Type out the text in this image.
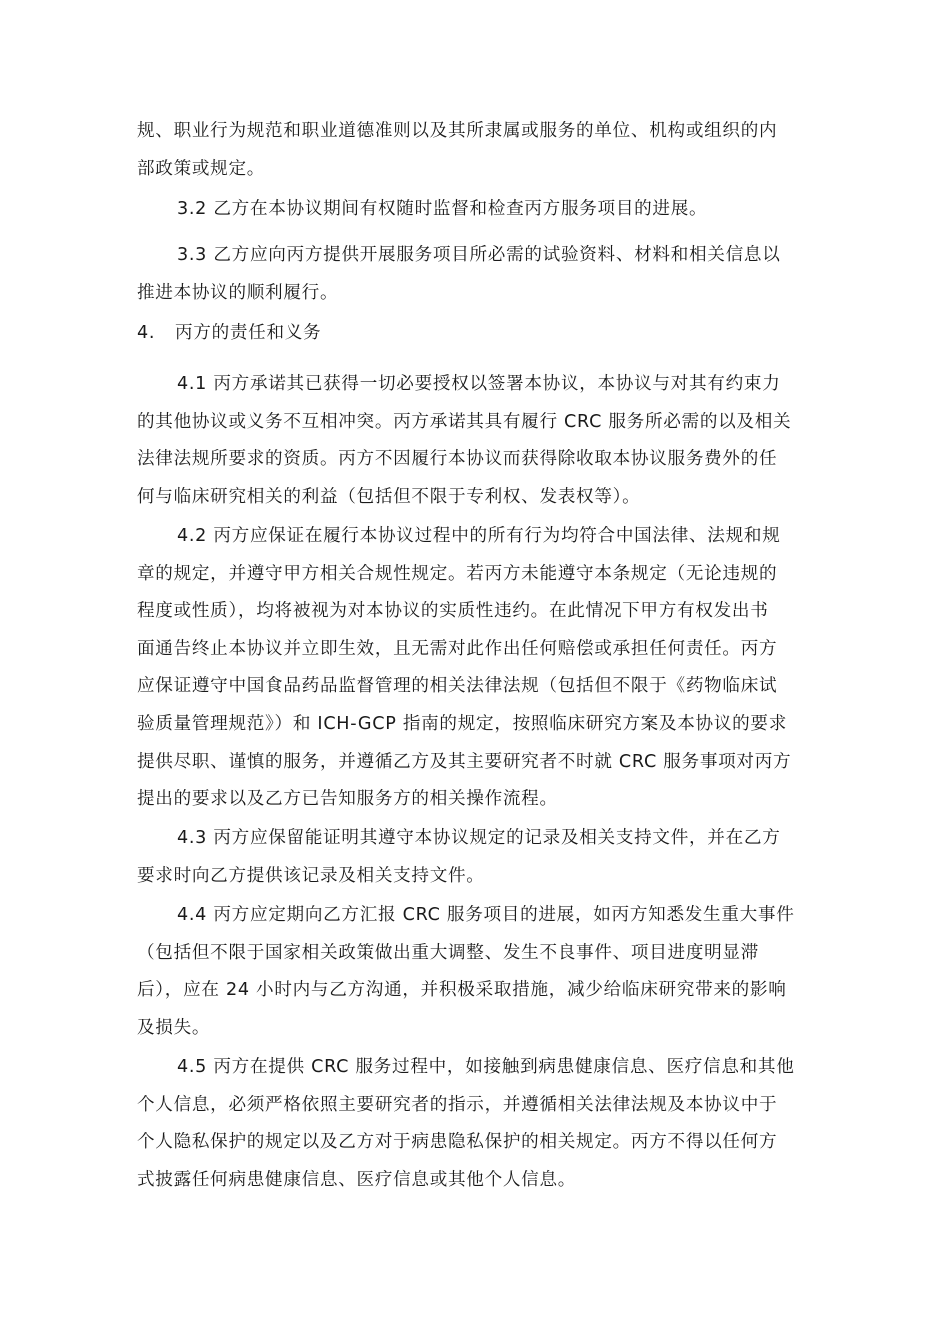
规、职业行为规范和职业道德准则以及其所隶属或服务的单位、机构或组织的内
部政策或规定。
3.2 乙方在本协议期间有权随时监督和检查丙方服务项目的进展。
3.3 乙方应向丙方提供开展服务项目所必需的试验资料、材料和相关信息以
推进本协议的顺利履行。
4. 丙方的责任和义务
4.1 丙方承诺其已获得一切必要授权以签署本协议，本协议与对其有约束力
的其他协议或义务不互相冲突。丙方承诺其具有履行 CRC 服务所必需的以及相关
法律法规所要求的资质。丙方不因履行本协议而获得除收取本协议服务费外的任
何与临床研究相关的利益（包括但不限于专利权、发表权等）。
4.2 丙方应保证在履行本协议过程中的所有行为均符合中国法律、法规和规
章的规定，并遵守甲方相关合规性规定。若丙方未能遵守本条规定（无论违规的
程度或性质），均将被视为对本协议的实质性违约。在此情况下甲方有权发出书
面通告终止本协议并立即生效，且无需对此作出任何赔偿或承担任何责任。丙方
应保证遵守中国食品药品监督管理的相关法律法规（包括但不限于《药物临床试
验质量管理规范》）和 ICH-GCP 指南的规定，按照临床研究方案及本协议的要求
提供尽职、谨慎的服务，并遵循乙方及其主要研究者不时就 CRC 服务事项对丙方
提出的要求以及乙方已告知服务方的相关操作流程。
4.3 丙方应保留能证明其遵守本协议规定的记录及相关支持文件，并在乙方
要求时向乙方提供该记录及相关支持文件。
4.4 丙方应定期向乙方汇报 CRC 服务项目的进展，如丙方知悉发生重大事件
（包括但不限于国家相关政策做出重大调整、发生不良事件、项目进度明显滞
后），应在 24 小时内与乙方沟通，并积极采取措施，减少给临床研究带来的影响
及损失。
4.5 丙方在提供 CRC 服务过程中，如接触到病患健康信息、医疗信息和其他
个人信息，必须严格依照主要研究者的指示，并遵循相关法律法规及本协议中于
个人隐私保护的规定以及乙方对于病患隐私保护的相关规定。丙方不得以任何方
式披露任何病患健康信息、医疗信息或其他个人信息。
